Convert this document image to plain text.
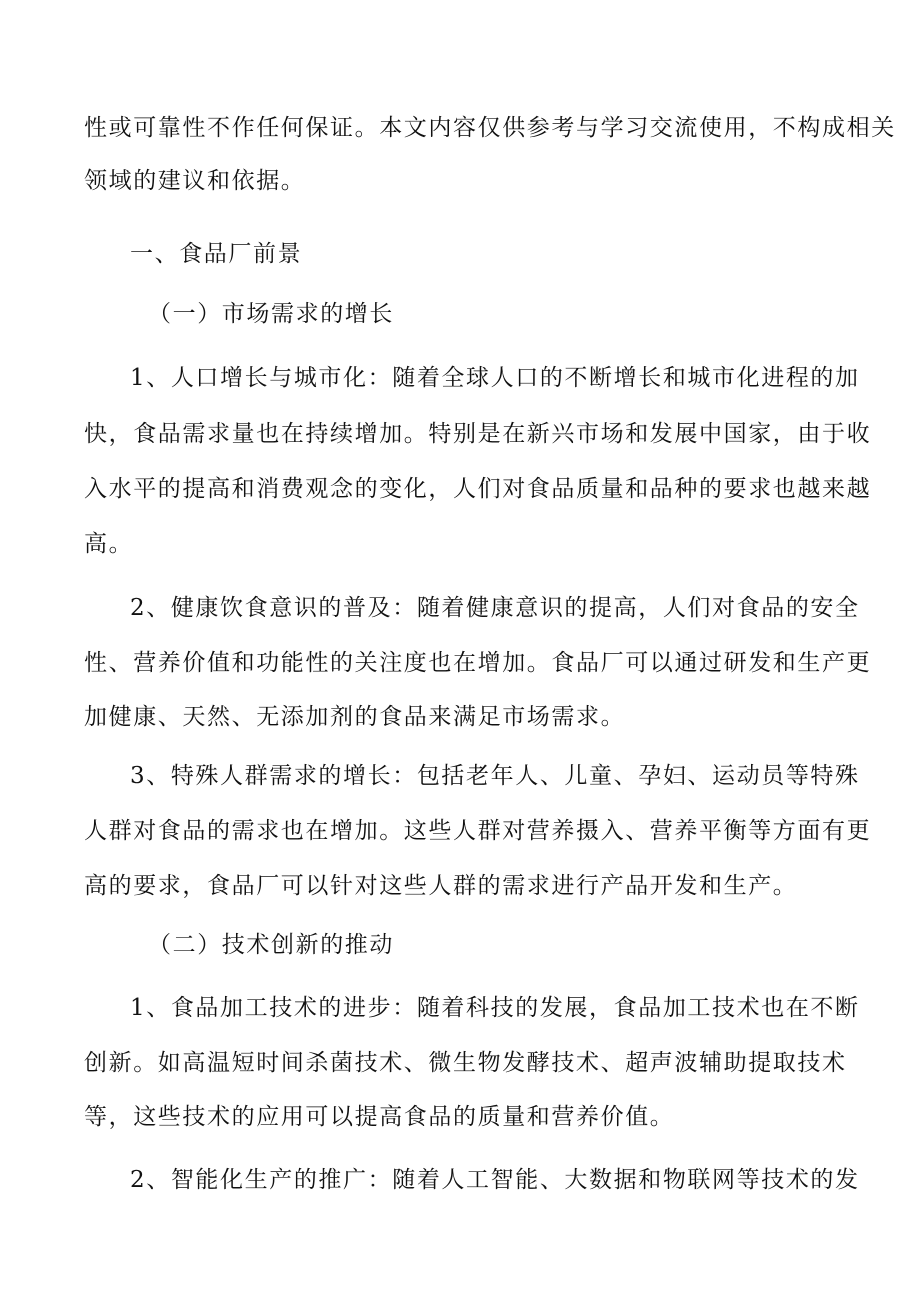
性或可靠性不作任何保证。本文内容仅供参考与学习交流使用，不构成相关
领域的建议和依据。
一、食品厂前景
（一）市场需求的增长
1、人口增长与城市化：随着全球人口的不断增长和城市化进程的加
快，食品需求量也在持续增加。特别是在新兴市场和发展中国家，由于收
入水平的提高和消费观念的变化，人们对食品质量和品种的要求也越来越
高。
2、健康饮食意识的普及：随着健康意识的提高，人们对食品的安全
性、营养价值和功能性的关注度也在增加。食品厂可以通过研发和生产更
加健康、天然、无添加剂的食品来满足市场需求。
3、特殊人群需求的增长：包括老年人、儿童、孕妇、运动员等特殊
人群对食品的需求也在增加。这些人群对营养摄入、营养平衡等方面有更
高的要求，食品厂可以针对这些人群的需求进行产品开发和生产。
（二）技术创新的推动
1、食品加工技术的进步：随着科技的发展，食品加工技术也在不断
创新。如高温短时间杀菌技术、微生物发酵技术、超声波辅助提取技术
等，这些技术的应用可以提高食品的质量和营养价值。
2、智能化生产的推广：随着人工智能、大数据和物联网等技术的发
